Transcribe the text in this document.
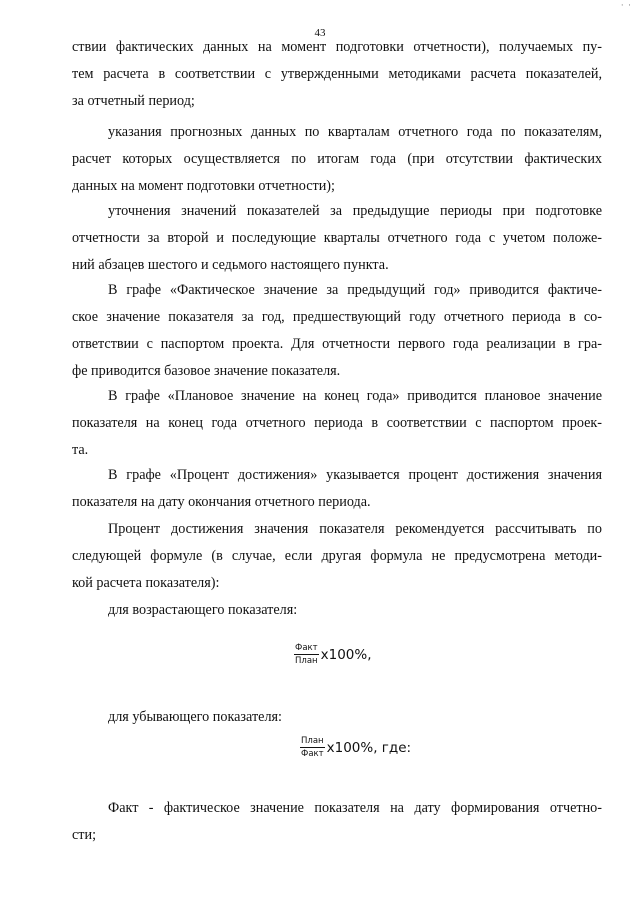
· ·
43
ствии фактических данных на момент подготовки отчетности), получаемых пу-
тем расчета в соответствии с утвержденными методиками расчета показателей,
за отчетный период;
указания прогнозных данных по кварталам отчетного года по показателям,
расчет которых осуществляется по итогам года (при отсутствии фактических
данных на момент подготовки отчетности);
уточнения значений показателей за предыдущие периоды при подготовке
отчетности за второй и последующие кварталы отчетного года с учетом положе-
ний абзацев шестого и седьмого настоящего пункта.
В графе «Фактическое значение за предыдущий год» приводится фактиче-
ское значение показателя за год, предшествующий году отчетного периода в со-
ответствии с паспортом проекта. Для отчетности первого года реализации в гра-
фе приводится базовое значение показателя.
В графе «Плановое значение на конец года» приводится плановое значение
показателя на конец года отчетного периода в соответствии с паспортом проек-
та.
В графе «Процент достижения» указывается процент достижения значения
показателя на дату окончания отчетного периода.
Процент достижения значения показателя рекомендуется рассчитывать по
следующей формуле (в случае, если другая формула не предусмотрена методи-
кой расчета показателя):
для возрастающего показателя:
$\frac{\text{Факт}}{\text{План}} x100\%$,
для убывающего показателя:
$\frac{\text{План}}{\text{Факт}} x100\%$, где:
Факт - фактическое значение показателя на дату формирования отчетно-
сти;
